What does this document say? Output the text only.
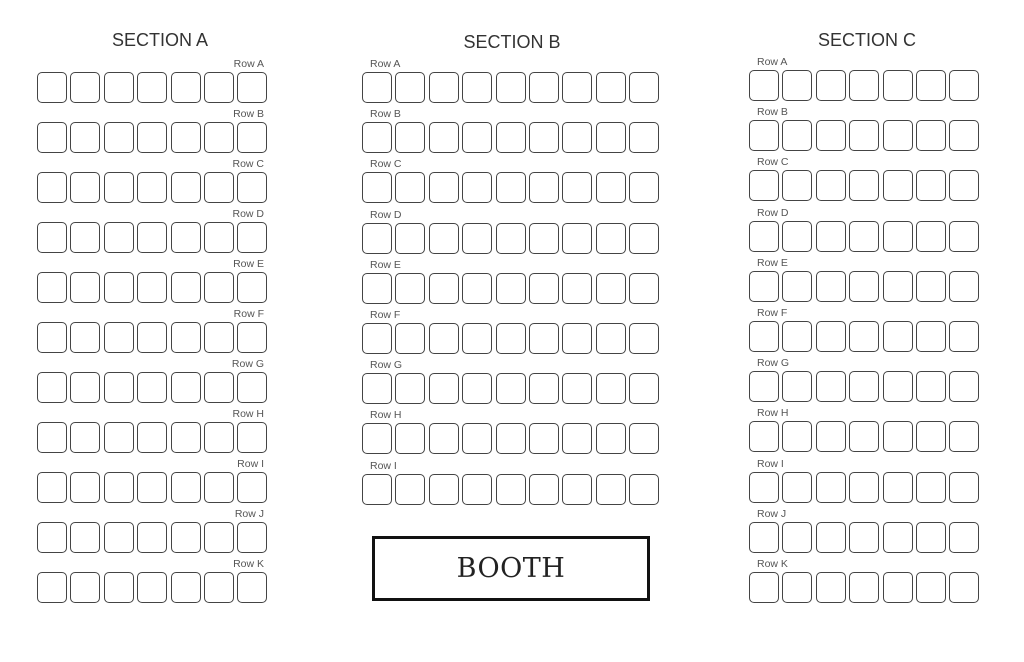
SECTION A
Row A
Row B
Row C
Row D
Row E
Row F
Row G
Row H
Row I
Row J
Row K
SECTION B
Row A
Row B
Row C
Row D
Row E
Row F
Row G
Row H
Row I
SECTION C
Row A
Row B
Row C
Row D
Row E
Row F
Row G
Row H
Row I
Row J
Row K
BOOTH
